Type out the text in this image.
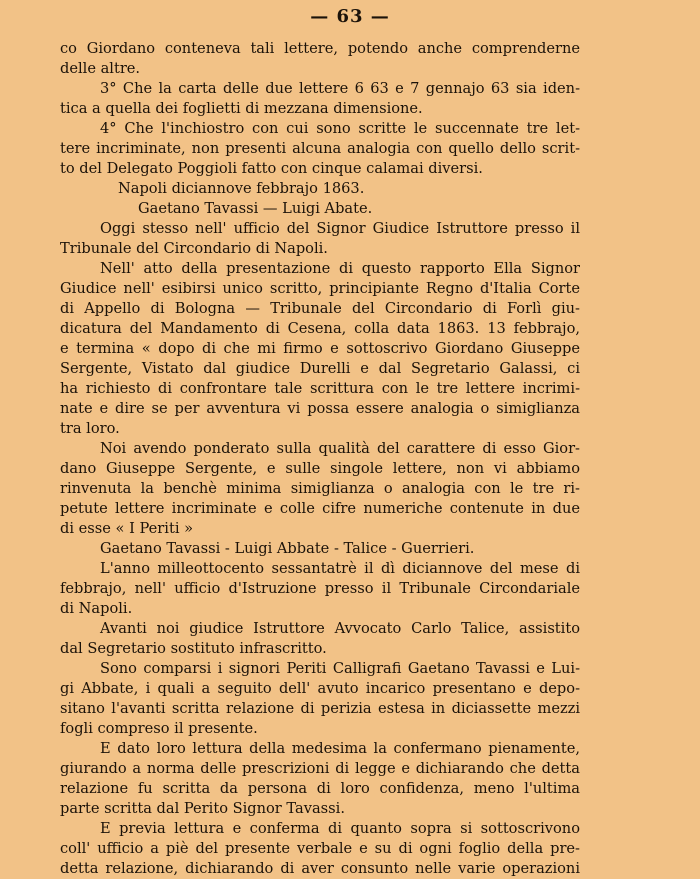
— 63 —
co Giordano conteneva tali lettere, potendo anche comprenderne
delle altre.
3° Che la carta delle due lettere 6 63 e 7 gennajo 63 sia iden-
tica a quella dei foglietti di mezzana dimensione.
4° Che l'inchiostro con cui sono scritte le succennate tre let-
tere incriminate, non presenti alcuna analogia con quello dello scrit-
to del Delegato Poggioli fatto con cinque calamai diversi.
Napoli diciannove febbrajo 1863.
Gaetano Tavassi — Luigi Abate.
Oggi stesso nell' ufficio del Signor Giudice Istruttore presso il
Tribunale del Circondario di Napoli.
Nell' atto della presentazione di questo rapporto Ella Signor
Giudice nell' esibirsi unico scritto, principiante Regno d'Italia Corte
di Appello di Bologna — Tribunale del Circondario di Forlì giu-
dicatura del Mandamento di Cesena, colla data 1863. 13 febbrajo,
e termina « dopo di che mi firmo e sottoscrivo Giordano Giuseppe
Sergente, Vistato dal giudice Durelli e dal Segretario Galassi, ci
ha richiesto di confrontare tale scrittura con le tre lettere incrimi-
nate e dire se per avventura vi possa essere analogia o simiglianza
tra loro.
Noi avendo ponderato sulla qualità del carattere di esso Gior-
dano Giuseppe Sergente, e sulle singole lettere, non vi abbiamo
rinvenuta la benchè minima simiglianza o analogia con le tre ri-
petute lettere incriminate e colle cifre numeriche contenute in due
di esse « I Periti »
Gaetano Tavassi - Luigi Abbate - Talice - Guerrieri.
L'anno milleottocento sessantatrè il dì diciannove del mese di
febbrajo, nell' ufficio d'Istruzione presso il Tribunale Circondariale
di Napoli.
Avanti noi giudice Istruttore Avvocato Carlo Talice, assistito
dal Segretario sostituto infrascritto.
Sono comparsi i signori Periti Calligrafi Gaetano Tavassi e Lui-
gi Abbate, i quali a seguito dell' avuto incarico presentano e depo-
sitano l'avanti scritta relazione di perizia estesa in diciassette mezzi
fogli compreso il presente.
E dato loro lettura della medesima la confermano pienamente,
giurando a norma delle prescrizioni di legge e dichiarando che detta
relazione fu scritta da persona di loro confidenza, meno l'ultima
parte scritta dal Perito Signor Tavassi.
E previa lettura e conferma di quanto sopra si sottoscrivono
coll' ufficio a piè del presente verbale e su di ogni foglio della pre-
detta relazione, dichiarando di aver consunto nelle varie operazioni
